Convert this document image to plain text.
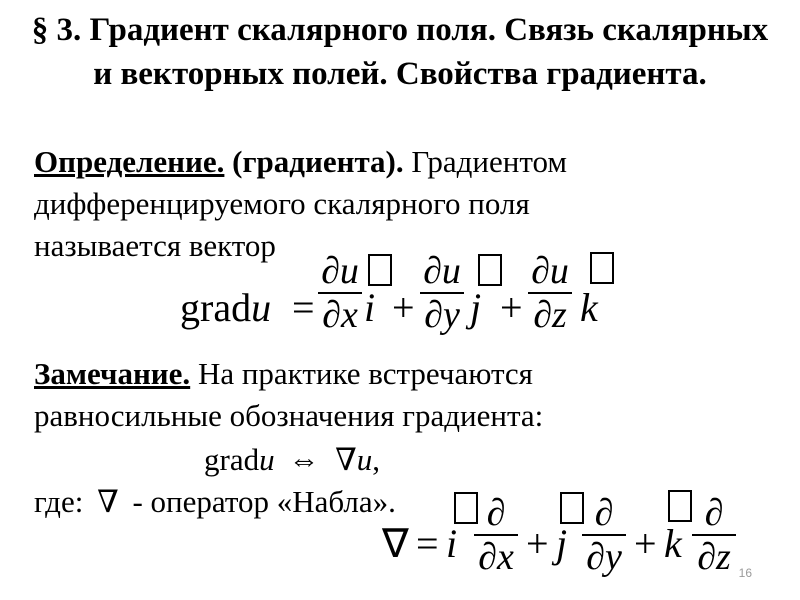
§ 3. Градиент скалярного поля. Связь скалярных и векторных полей. Свойства градиента.
Определение. (градиента). Градиентом
дифференцируемого скалярного поля
называется вектор
gradu =
∂u
∂x i +
∂u
∂y j +
∂u
∂z k
Замечание. На практике встречаются
равносильные обозначения градиента:
gradu ⇔ ∇u,
где: ∇ - оператор «Набла».
∇ = i
∂
∂x + j
∂
∂y + k
∂
∂z 16
